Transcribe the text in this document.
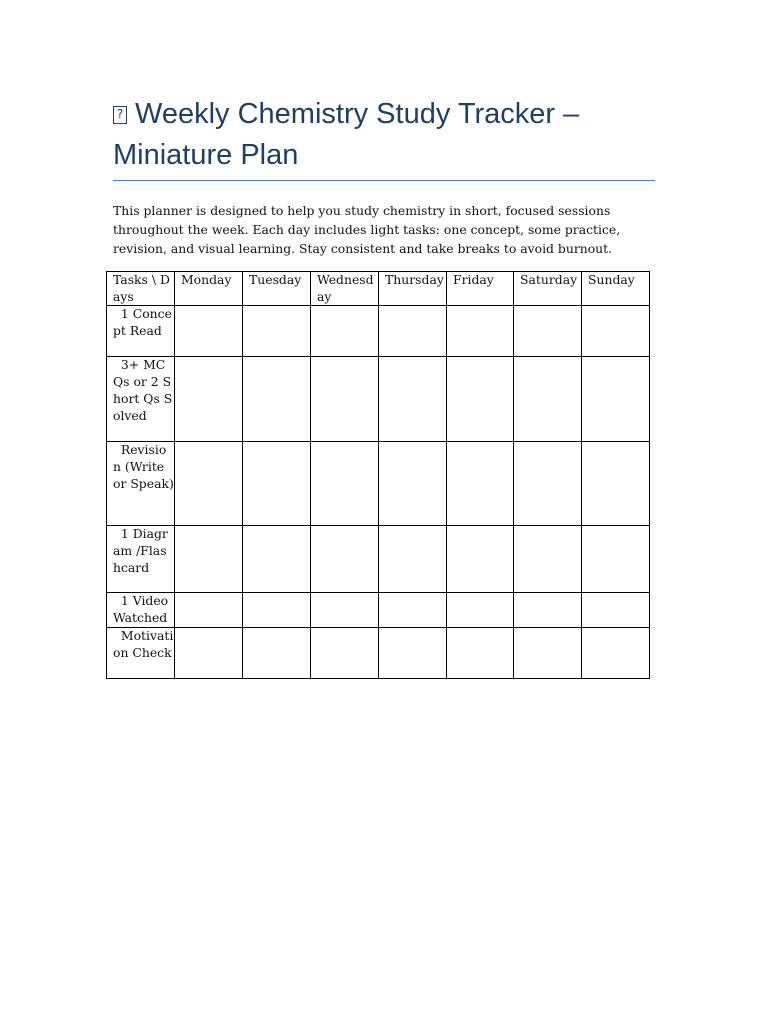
?Weekly Chemistry Study Tracker – Miniature Plan

This planner is designed to help you study chemistry in short, focused sessions throughout the week. Each day includes light tasks: one concept, some practice, revision, and visual learning. Stay consistent and take breaks to avoid burnout.

Tasks \ Days	Monday	Tuesday	Wednesday	Thursday	Friday	Saturday	Sunday
1 Concept Read							
3+ MCQs or 2 Short Qs Solved							
Revision (Write or Speak)							
1 Diagram /Flashcard							
1 Video Watched							
Motivation Check							
